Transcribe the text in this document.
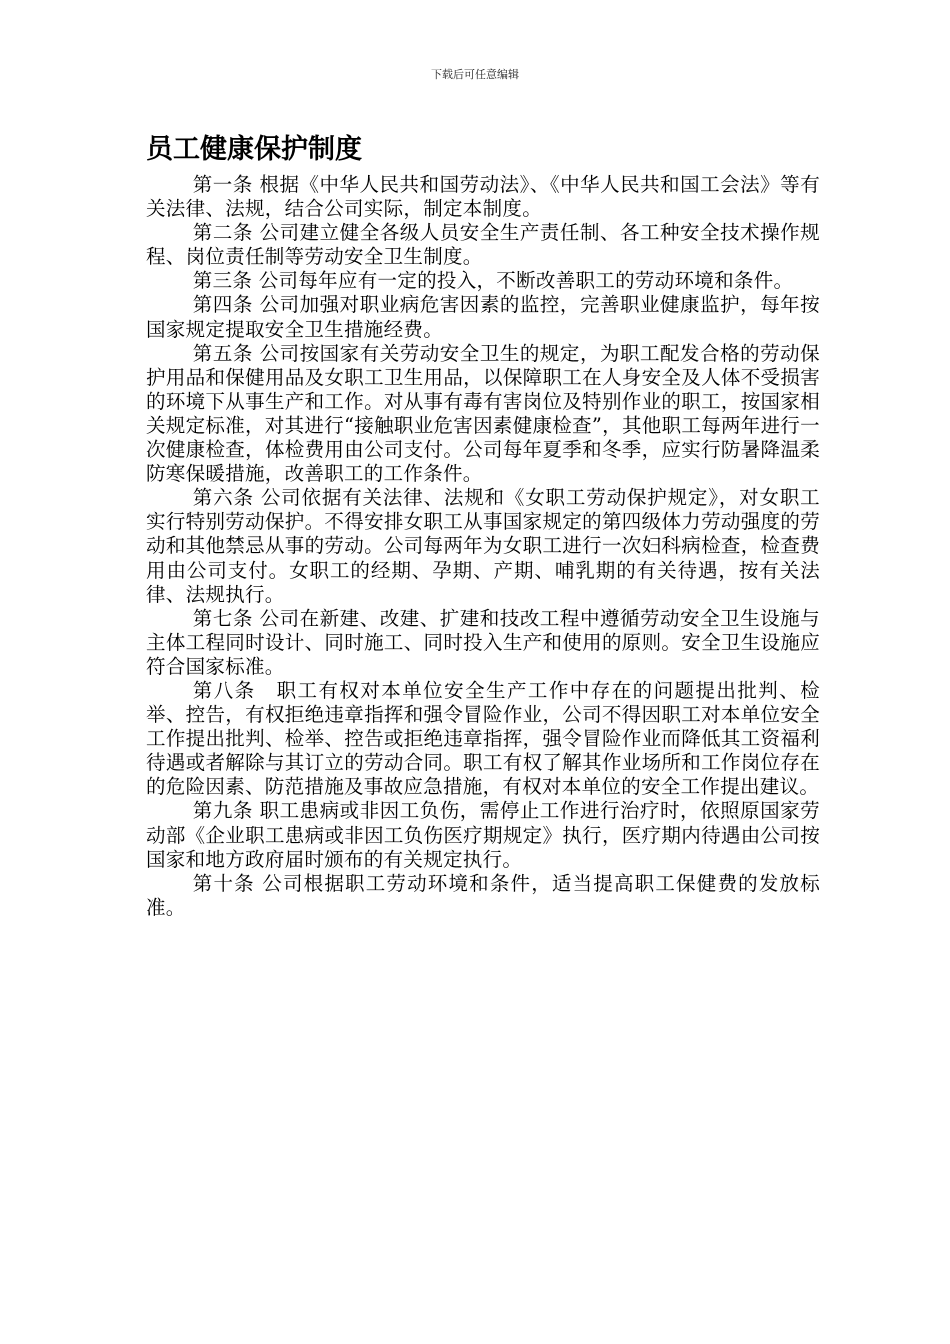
下载后可任意编辑
员工健康保护制度

第一条 根据《中华人民共和国劳动法》、《中华人民共和国工会法》等有关法律、法规，结合公司实际，制定本制度。

第二条 公司建立健全各级人员安全生产责任制、各工种安全技术操作规程、岗位责任制等劳动安全卫生制度。

第三条 公司每年应有一定的投入，不断改善职工的劳动环境和条件。

第四条 公司加强对职业病危害因素的监控，完善职业健康监护，每年按国家规定提取安全卫生措施经费。

第五条 公司按国家有关劳动安全卫生的规定，为职工配发合格的劳动保护用品和保健用品及女职工卫生用品，以保障职工在人身安全及人体不受损害的环境下从事生产和工作。对从事有毒有害岗位及特别作业的职工，按国家相关规定标准，对其进行“接触职业危害因素健康检查”，其他职工每两年进行一次健康检查，体检费用由公司支付。公司每年夏季和冬季，应实行防暑降温柔防寒保暖措施，改善职工的工作条件。

第六条 公司依据有关法律、法规和《女职工劳动保护规定》，对女职工实行特别劳动保护。不得安排女职工从事国家规定的第四级体力劳动强度的劳动和其他禁忌从事的劳动。公司每两年为女职工进行一次妇科病检查，检查费用由公司支付。女职工的经期、孕期、产期、哺乳期的有关待遇，按有关法律、法规执行。

第七条 公司在新建、改建、扩建和技改工程中遵循劳动安全卫生设施与主体工程同时设计、同时施工、同时投入生产和使用的原则。安全卫生设施应符合国家标准。

第八条　职工有权对本单位安全生产工作中存在的问题提出批判、检举、控告，有权拒绝违章指挥和强令冒险作业，公司不得因职工对本单位安全工作提出批判、检举、控告或拒绝违章指挥，强令冒险作业而降低其工资福利待遇或者解除与其订立的劳动合同。职工有权了解其作业场所和工作岗位存在的危险因素、防范措施及事故应急措施，有权对本单位的安全工作提出建议。

第九条 职工患病或非因工负伤，需停止工作进行治疗时，依照原国家劳动部《企业职工患病或非因工负伤医疗期规定》执行，医疗期内待遇由公司按国家和地方政府届时颁布的有关规定执行。

第十条 公司根据职工劳动环境和条件，适当提高职工保健费的发放标准。
